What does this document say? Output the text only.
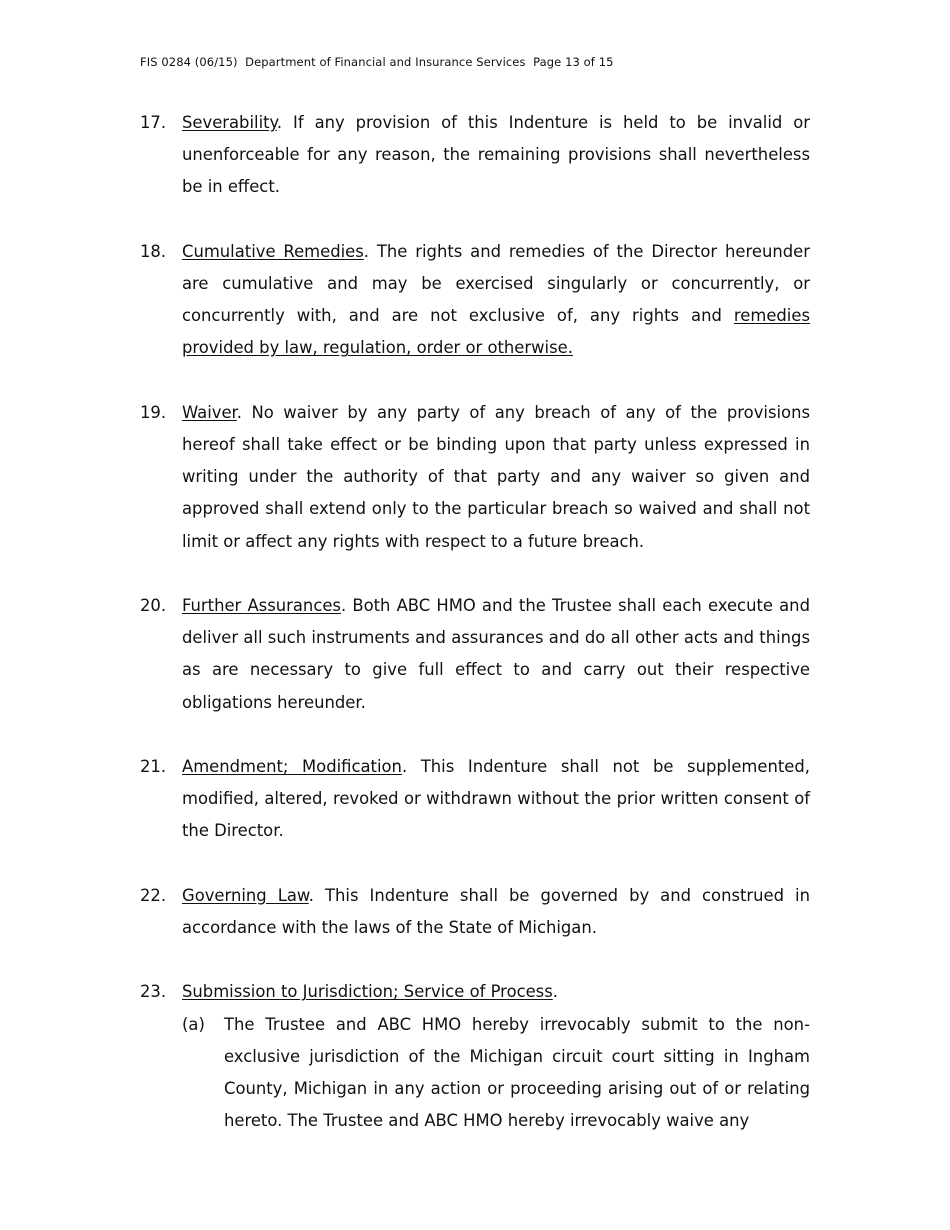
FIS 0284 (06/15)  Department of Financial and Insurance Services  Page 13 of 15
17. Severability. If any provision of this Indenture is held to be invalid or unenforceable for any reason, the remaining provisions shall nevertheless be in effect.
18. Cumulative Remedies. The rights and remedies of the Director hereunder are cumulative and may be exercised singularly or concurrently, or concurrently with, and are not exclusive of, any rights and remedies provided by law, regulation, order or otherwise.
19. Waiver. No waiver by any party of any breach of any of the provisions hereof shall take effect or be binding upon that party unless expressed in writing under the authority of that party and any waiver so given and approved shall extend only to the particular breach so waived and shall not limit or affect any rights with respect to a future breach.
20. Further Assurances. Both ABC HMO and the Trustee shall each execute and deliver all such instruments and assurances and do all other acts and things as are necessary to give full effect to and carry out their respective obligations hereunder.
21. Amendment; Modification. This Indenture shall not be supplemented, modified, altered, revoked or withdrawn without the prior written consent of the Director.
22. Governing Law. This Indenture shall be governed by and construed in accordance with the laws of the State of Michigan.
23. Submission to Jurisdiction; Service of Process.
(a)	The Trustee and ABC HMO hereby irrevocably submit to the non-exclusive jurisdiction of the Michigan circuit court sitting in Ingham County, Michigan in any action or proceeding arising out of or relating hereto. The Trustee and ABC HMO hereby irrevocably waive any
